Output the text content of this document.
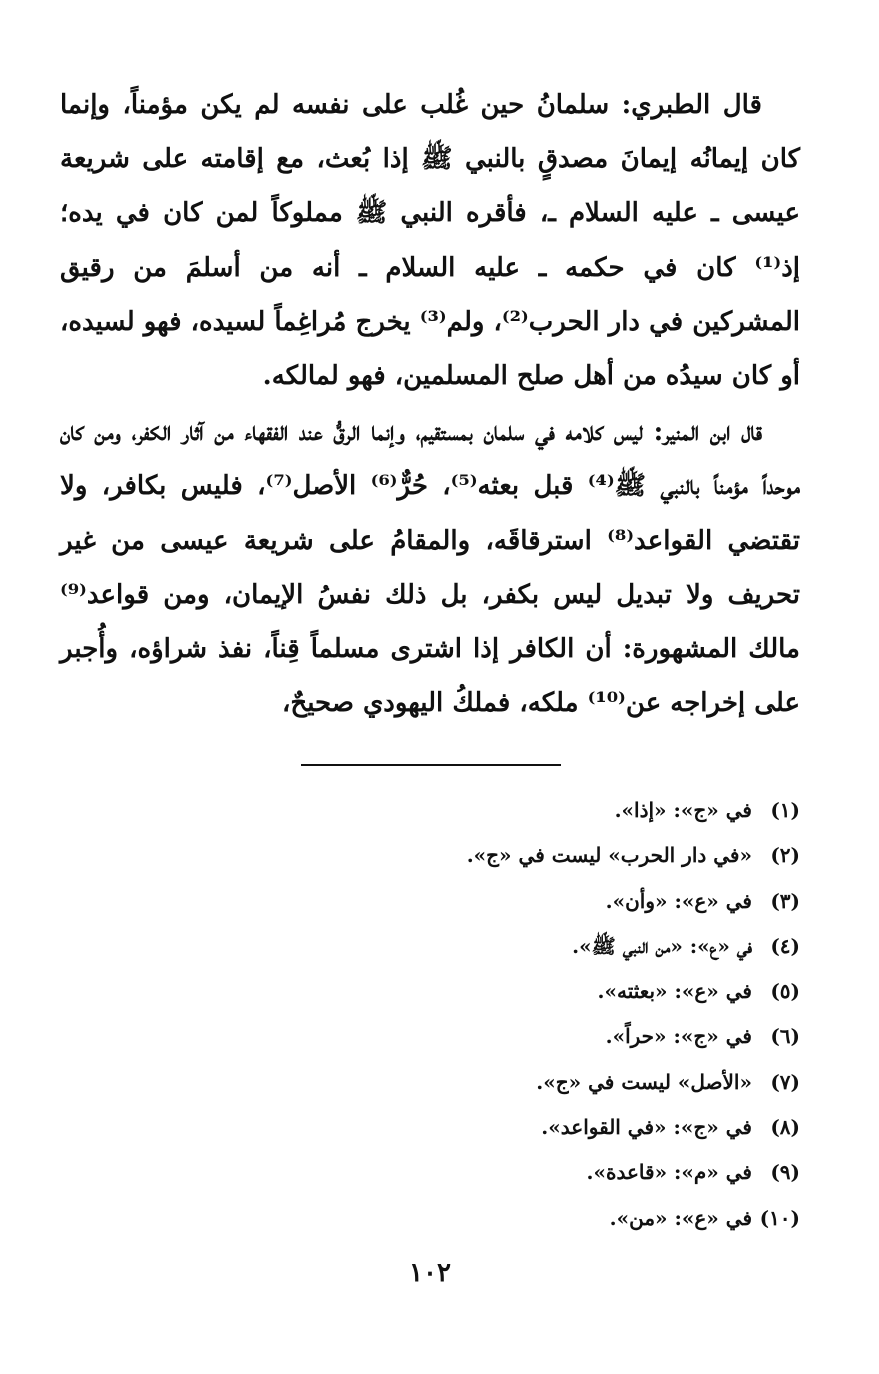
قال الطبري: سلمانُ حين غُلب على نفسه لم يكن مؤمناً، وإنما كان إيمانُه إيمانَ مصدقٍ بالنبي ﷺ إذا بُعث، مع إقامته على شريعة عيسى ـ عليه السلام ـ، فأقره النبي ﷺ مملوكاً لمن كان في يده؛ إذ⁽¹⁾ كان في حكمه ـ عليه السلام ـ أنه من أسلمَ من رقيق المشركين في دار الحرب⁽²⁾، ولم⁽³⁾ يخرج مُراغِماً لسيده، فهو لسيده، أو كان سيدُه من أهل صلح المسلمين، فهو لمالكه.

قال ابن المنير: ليس كلامه في سلمان بمستقيم، وإنما الرقُّ عند الفقهاء من آثار الكفر، ومن كان موحداً مؤمناً بالنبي ﷺ⁽⁴⁾ قبل بعثه⁽⁵⁾، حُرٌّ⁽⁶⁾ الأصل⁽⁷⁾، فليس بكافر، ولا تقتضي القواعد⁽⁸⁾ استرقاقَه، والمقامُ على شريعة عيسى من غير تحريف ولا تبديل ليس بكفر، بل ذلك نفسُ الإيمان، ومن قواعد⁽⁹⁾ مالك المشهورة: أن الكافر إذا اشترى مسلماً قِناً، نفذ شراؤه، وأُجبر على إخراجه عن⁽¹⁰⁾ ملكه، فملكُ اليهودي صحيحٌ،

(١)في «ج»: «إذا».
(٢)«في دار الحرب» ليست في «ج».
(٣)في «ع»: «وأن».
(٤)في «ع»: «من النبي ﷺ».
(٥)في «ع»: «بعثته».
(٦)في «ج»: «حراً».
(٧)«الأصل» ليست في «ج».
(٨)في «ج»: «في القواعد».
(٩)في «م»: «قاعدة».
(١٠)في «ع»: «من».
١٠٢
